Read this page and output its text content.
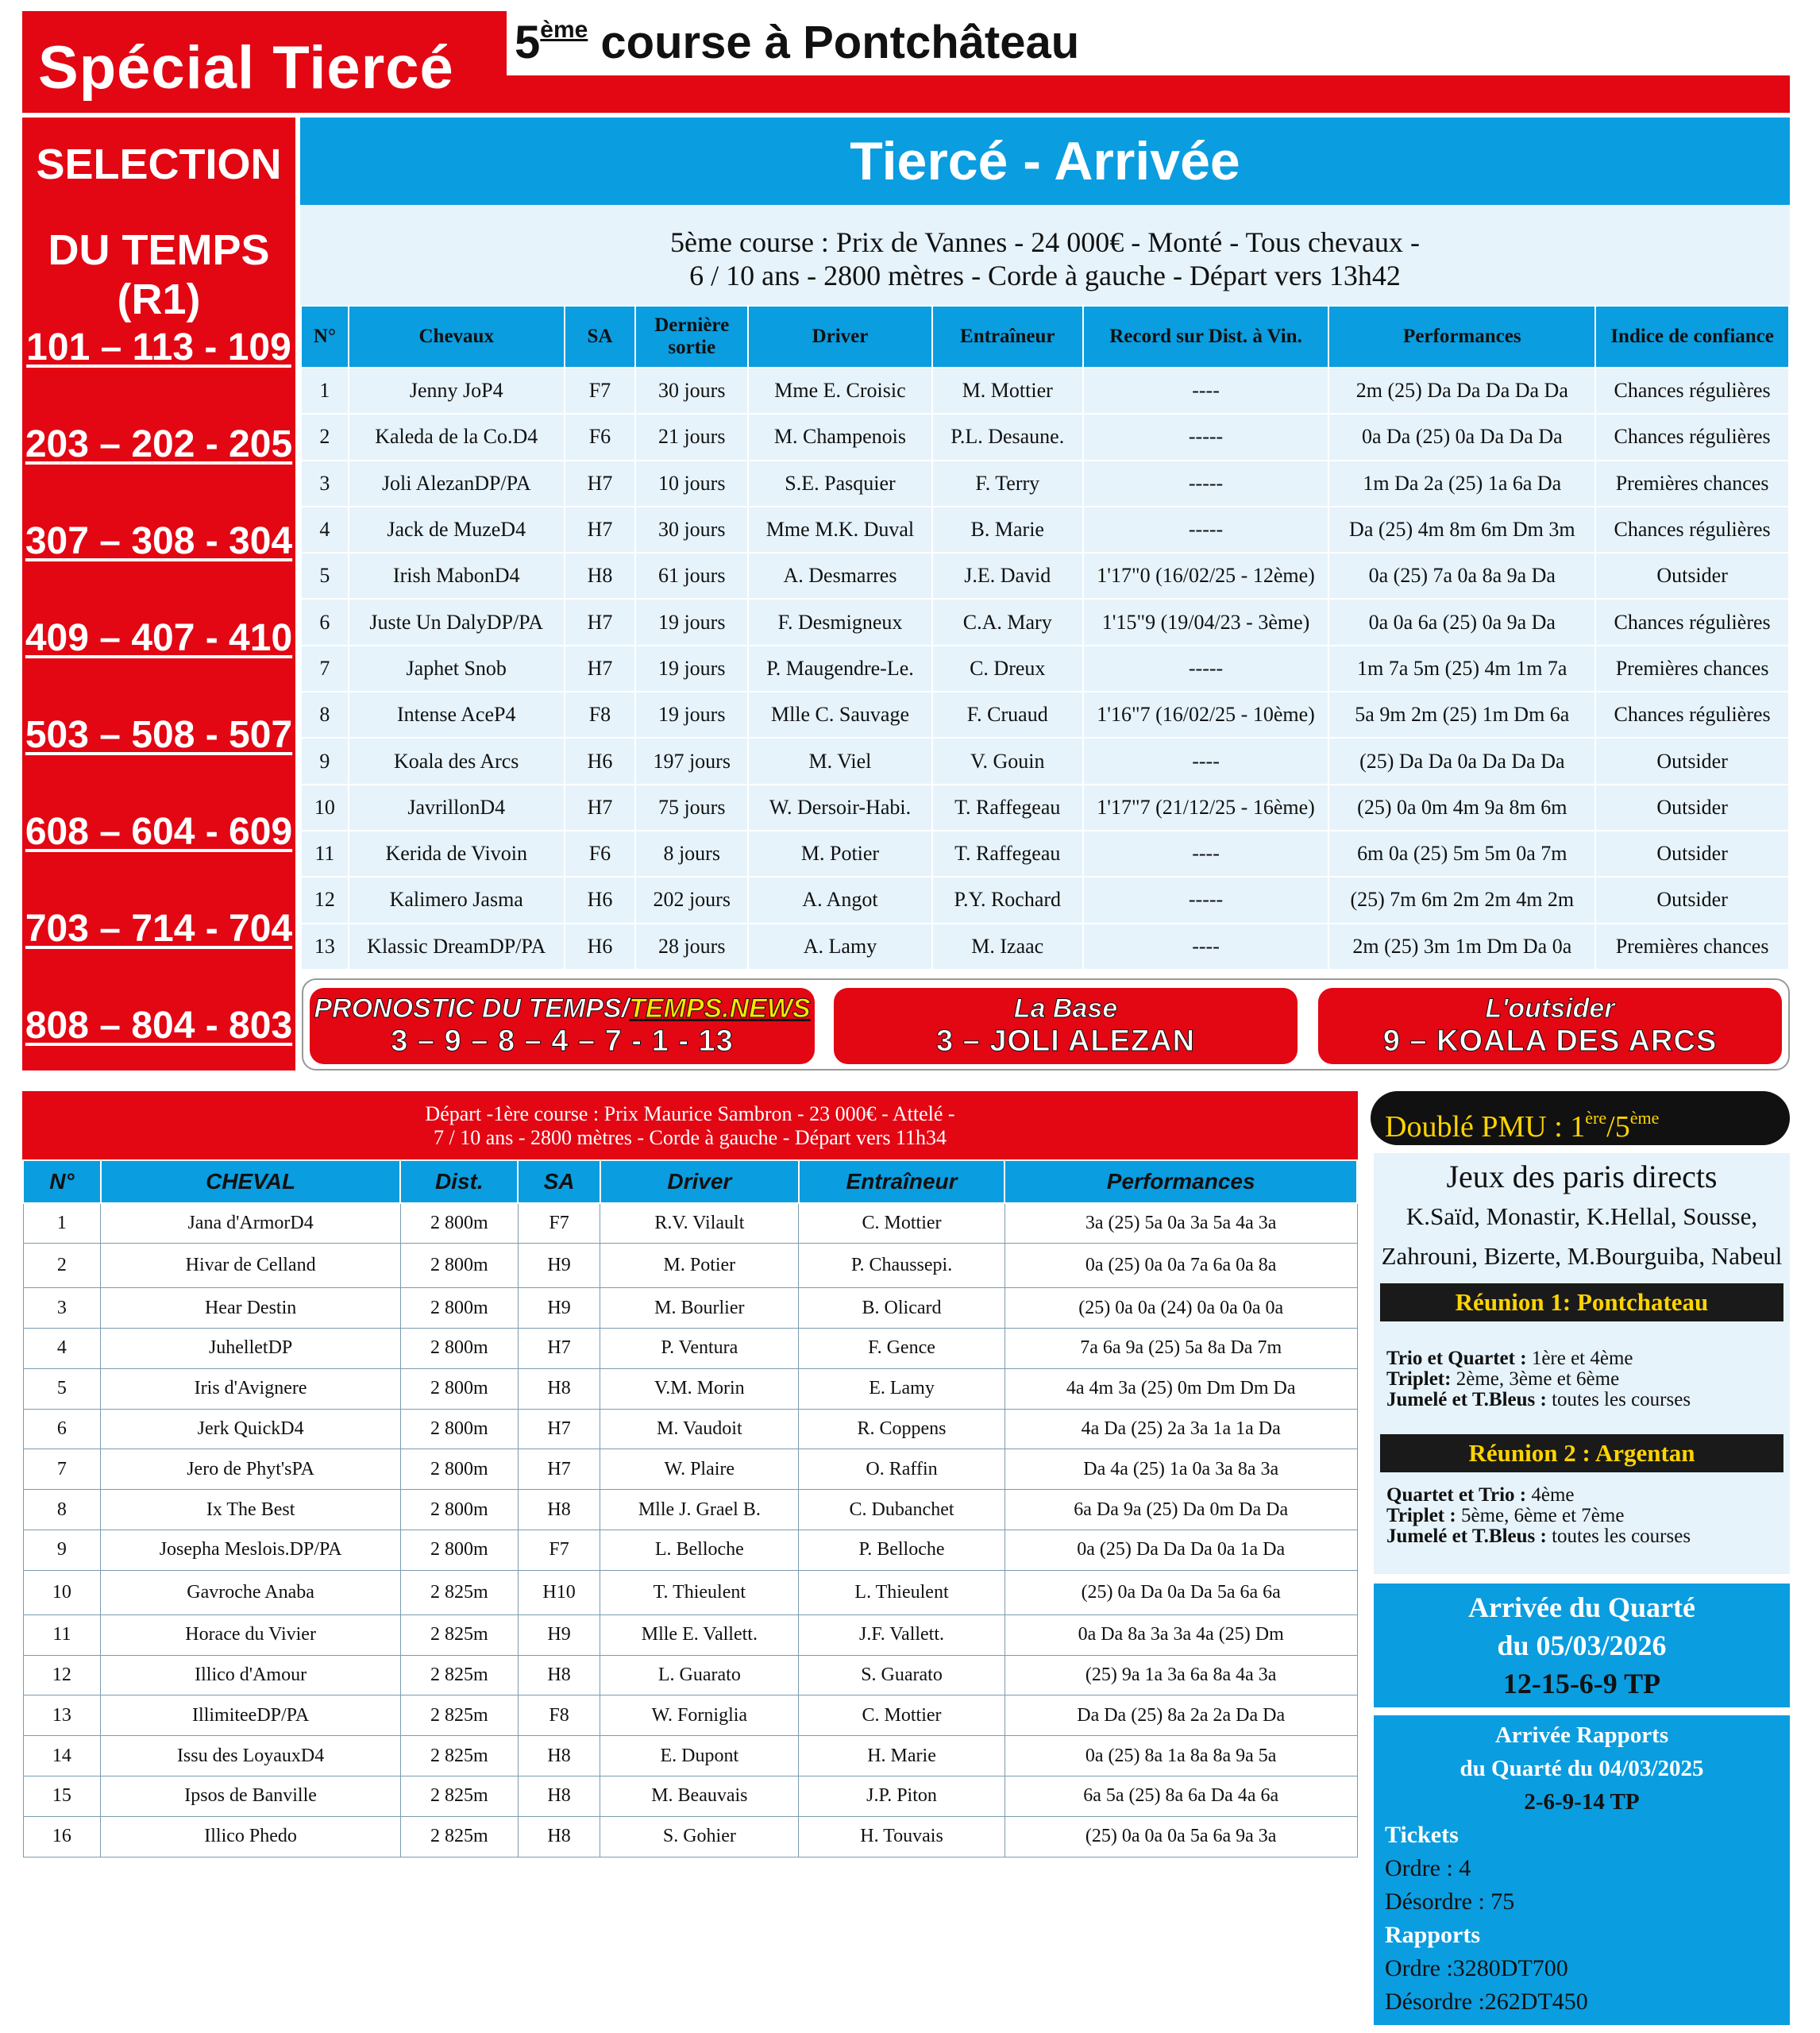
Spécial Tiercé 5ème course à Pontchâteau
SELECTION
DU TEMPS (R1)
101 – 113 - 109
203 – 202 - 205
307 – 308 - 304
409 – 407 - 410
503 – 508 - 507
608 – 604 - 609
703 – 714 - 704
808 – 804 - 803
Tiercé - Arrivée
5ème course : Prix de Vannes - 24 000€ - Monté - Tous chevaux -
6 / 10 ans - 2800 mètres - Corde à gauche - Départ vers 13h42
N°	Chevaux	SA	Dernière sortie	Driver	Entraîneur	Record sur Dist. à Vin.	Performances	Indice de confiance
1	Jenny JoP4	F7	30 jours	Mme E. Croisic	M. Mottier	----	2m (25) Da Da Da Da Da	Chances régulières
2	Kaleda de la Co.D4	F6	21 jours	M. Champenois	P.L. Desaune.	-----	0a Da (25) 0a Da Da Da	Chances régulières
3	Joli AlezanDP/PA	H7	10 jours	S.E. Pasquier	F. Terry	-----	1m Da 2a (25) 1a 6a Da	Premières chances
4	Jack de MuzeD4	H7	30 jours	Mme M.K. Duval	B. Marie	-----	Da (25) 4m 8m 6m Dm 3m	Chances régulières
5	Irish MabonD4	H8	61 jours	A. Desmarres	J.E. David	1'17"0 (16/02/25 - 12ème)	0a (25) 7a 0a 8a 9a Da	Outsider
6	Juste Un DalyDP/PA	H7	19 jours	F. Desmigneux	C.A. Mary	1'15"9 (19/04/23 - 3ème)	0a 0a 6a (25) 0a 9a Da	Chances régulières
7	Japhet Snob	H7	19 jours	P. Maugendre-Le.	C. Dreux	-----	1m 7a 5m (25) 4m 1m 7a	Premières chances
8	Intense AceP4	F8	19 jours	Mlle C. Sauvage	F. Cruaud	1'16"7 (16/02/25 - 10ème)	5a 9m 2m (25) 1m Dm 6a	Chances régulières
9	Koala des Arcs	H6	197 jours	M. Viel	V. Gouin	----	(25) Da Da 0a Da Da Da	Outsider
10	JavrillonD4	H7	75 jours	W. Dersoir-Habi.	T. Raffegeau	1'17"7 (21/12/25 - 16ème)	(25) 0a 0m 4m 9a 8m 6m	Outsider
11	Kerida de Vivoin	F6	8 jours	M. Potier	T. Raffegeau	----	6m 0a (25) 5m 5m 0a 7m	Outsider
12	Kalimero Jasma	H6	202 jours	A. Angot	P.Y. Rochard	-----	(25) 7m 6m 2m 2m 4m 2m	Outsider
13	Klassic DreamDP/PA	H6	28 jours	A. Lamy	M. Izaac	----	2m (25) 3m 1m Dm Da 0a	Premières chances
PRONOSTIC DU TEMPS/TEMPS.NEWS
3 – 9 – 8 – 4 – 7 - 1 - 13
La Base
3 – JOLI ALEZAN
L'outsider
9 – KOALA DES ARCS
Départ -1ère course : Prix Maurice Sambron - 23 000€ - Attelé -
7 / 10 ans - 2800 mètres - Corde à gauche - Départ vers 11h34
N°	CHEVAL	Dist.	SA	Driver	Entraîneur	Performances
1	Jana d'ArmorD4	2 800m	F7	R.V. Vilault	C. Mottier	3a (25) 5a 0a 3a 5a 4a 3a
2	Hivar de Celland	2 800m	H9	M. Potier	P. Chaussepi.	0a (25) 0a 0a 7a 6a 0a 8a
3	Hear Destin	2 800m	H9	M. Bourlier	B. Olicard	(25) 0a 0a (24) 0a 0a 0a 0a
4	JuhelletDP	2 800m	H7	P. Ventura	F. Gence	7a 6a 9a (25) 5a 8a Da 7m
5	Iris d'Avignere	2 800m	H8	V.M. Morin	E. Lamy	4a 4m 3a (25) 0m Dm Dm Da
6	Jerk QuickD4	2 800m	H7	M. Vaudoit	R. Coppens	4a Da (25) 2a 3a 1a 1a Da
7	Jero de Phyt'sPA	2 800m	H7	W. Plaire	O. Raffin	Da 4a (25) 1a 0a 3a 8a 3a
8	Ix The Best	2 800m	H8	Mlle J. Grael B.	C. Dubanchet	6a Da 9a (25) Da 0m Da Da
9	Josepha Meslois.DP/PA	2 800m	F7	L. Belloche	P. Belloche	0a (25) Da Da Da 0a 1a Da
10	Gavroche Anaba	2 825m	H10	T. Thieulent	L. Thieulent	(25) 0a Da 0a Da 5a 6a 6a
11	Horace du Vivier	2 825m	H9	Mlle E. Vallett.	J.F. Vallett.	0a Da 8a 3a 3a 4a (25) Dm
12	Illico d'Amour	2 825m	H8	L. Guarato	S. Guarato	(25) 9a 1a 3a 6a 8a 4a 3a
13	IllimiteeDP/PA	2 825m	F8	W. Forniglia	C. Mottier	Da Da (25) 8a 2a 2a Da Da
14	Issu des LoyauxD4	2 825m	H8	E. Dupont	H. Marie	0a (25) 8a 1a 8a 8a 9a 5a
15	Ipsos de Banville	2 825m	H8	M. Beauvais	J.P. Piton	6a 5a (25) 8a 6a Da 4a 6a
16	Illico Phedo	2 825m	H8	S. Gohier	H. Touvais	(25) 0a 0a 0a 5a 6a 9a 3a
Doublé PMU : 1ère/5ème
Jeux des paris directs
K.Saïd, Monastir, K.Hellal, Sousse,
Zahrouni, Bizerte, M.Bourguiba, Nabeul
Réunion 1: Pontchateau
Trio et Quartet : 1ère et 4ème
Triplet: 2ème, 3ème et 6ème
Jumelé et T.Bleus : toutes les courses
Réunion 2 : Argentan
Quartet et Trio : 4ème
Triplet : 5ème, 6ème et 7ème
Jumelé et T.Bleus : toutes les courses
Arrivée du Quarté
du 05/03/2026
12-15-6-9 TP
Arrivée Rapports
du Quarté du 04/03/2025
2-6-9-14 TP
Tickets
Ordre : 4
Désordre : 75
Rapports
Ordre :3280DT700
Désordre :262DT450
